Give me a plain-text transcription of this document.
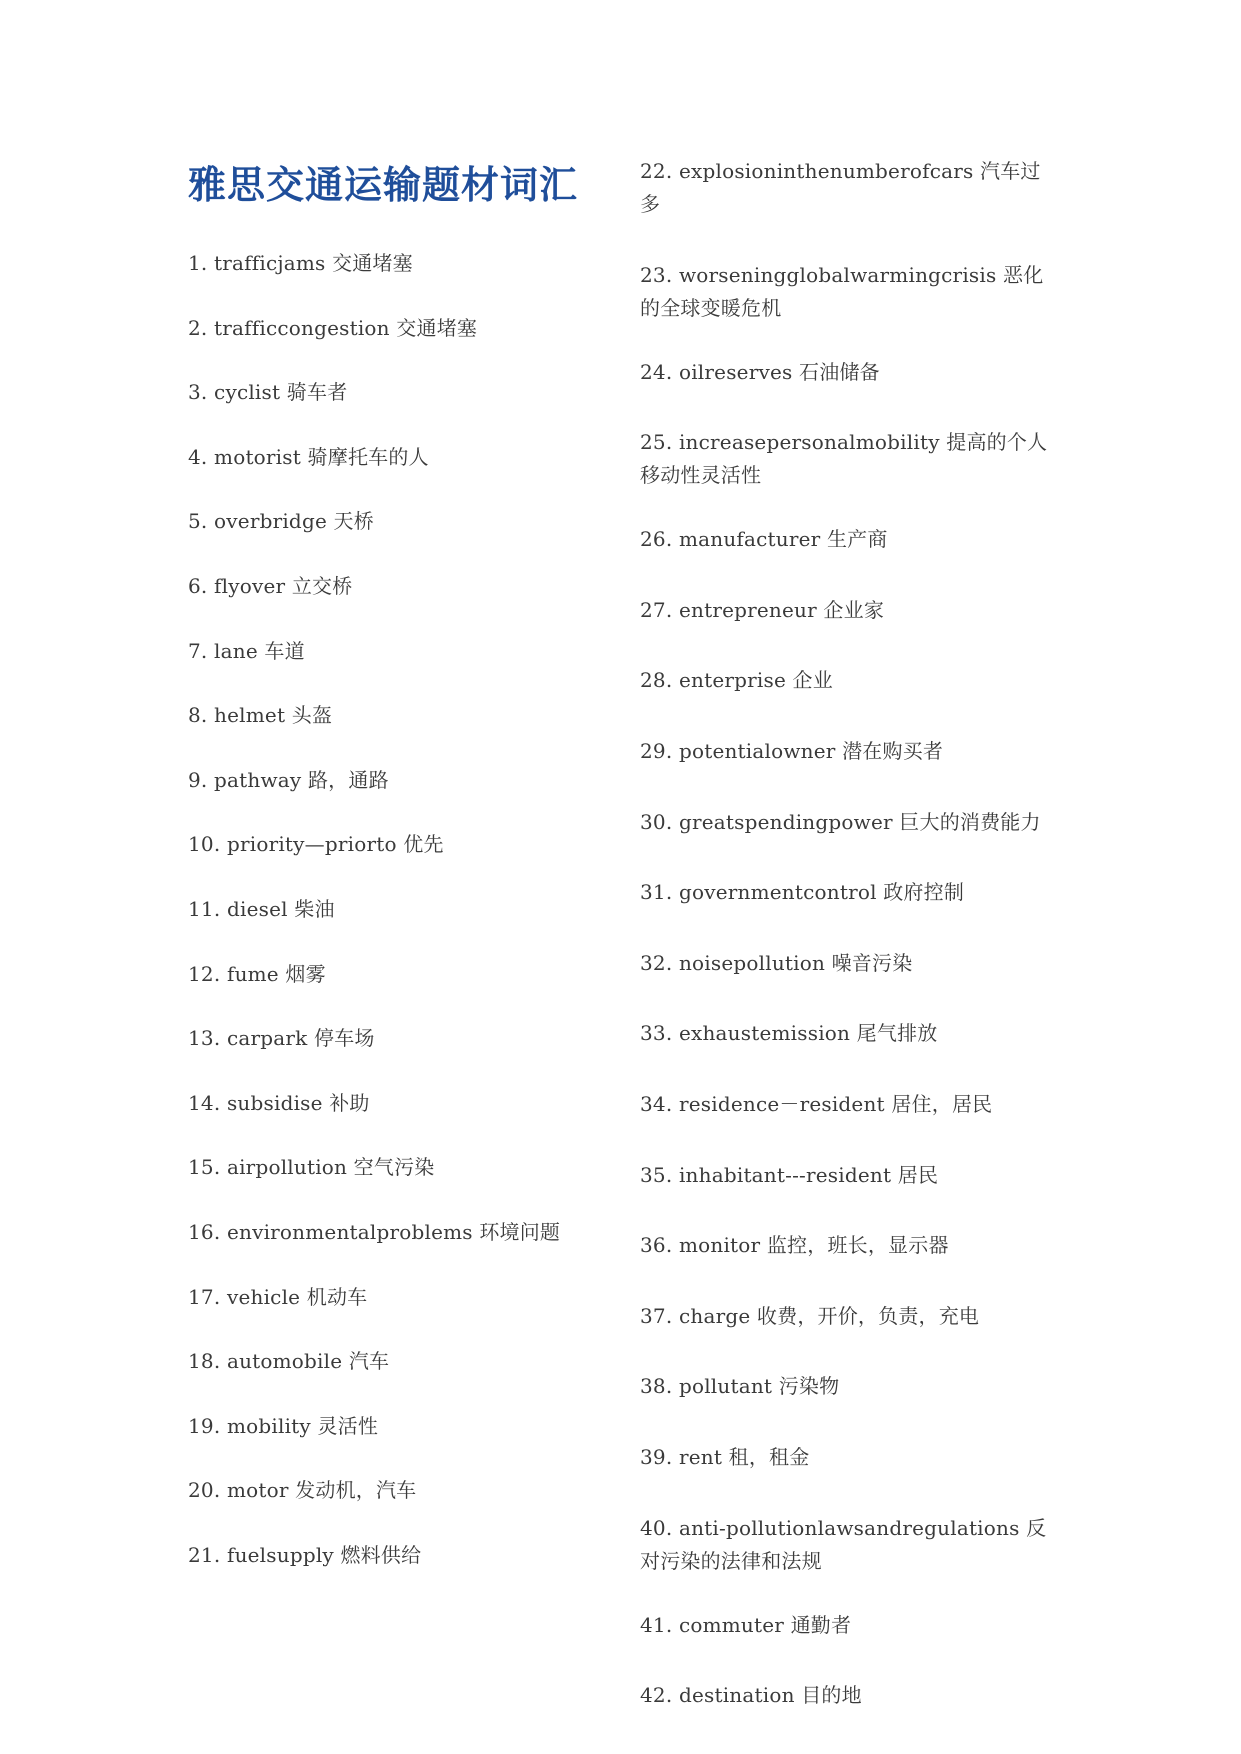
雅思交通运输题材词汇
1. trafficjams 交通堵塞
2. trafficcongestion 交通堵塞
3. cyclist 骑车者
4. motorist 骑摩托车的人
5. overbridge 天桥
6. flyover 立交桥
7. lane 车道
8. helmet 头盔
9. pathway 路，通路
10. priority—priorto 优先
11. diesel 柴油
12. fume 烟雾
13. carpark 停车场
14. subsidise 补助
15. airpollution 空气污染
16. environmentalproblems 环境问题
17. vehicle 机动车
18. automobile 汽车
19. mobility 灵活性
20. motor 发动机，汽车
21. fuelsupply 燃料供给
22. explosioninthenumberofcars 汽车过多
23. worseningglobalwarmingcrisis 恶化的全球变暖危机
24. oilreserves 石油储备
25. increasepersonalmobility 提高的个人移动性灵活性
26. manufacturer 生产商
27. entrepreneur 企业家
28. enterprise 企业
29. potentialowner 潜在购买者
30. greatspendingpower 巨大的消费能力
31. governmentcontrol 政府控制
32. noisepollution 噪音污染
33. exhaustemission 尾气排放
34. residence－resident 居住，居民
35. inhabitant---resident 居民
36. monitor 监控，班长，显示器
37. charge 收费，开价，负责，充电
38. pollutant 污染物
39. rent 租，租金
40. anti-pollutionlawsandregulations 反对污染的法律和法规
41. commuter 通勤者
42. destination 目的地
